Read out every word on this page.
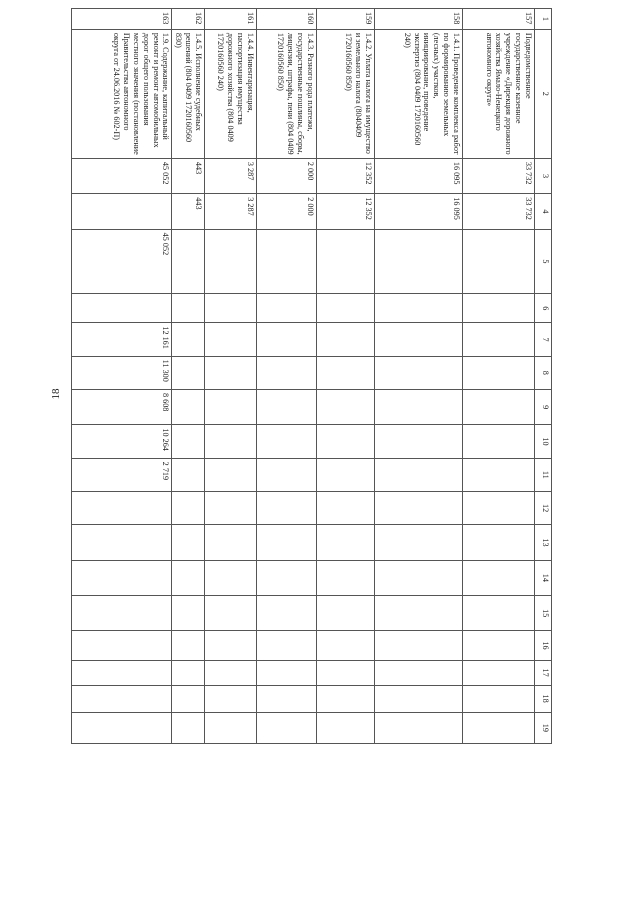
18
1	2	3	4	5	6	7	8	9	10	11	12	13	14	15	16	17	18	19
157	Подведомственное государственное казенное учреждение «Дирекция дорожного хозяйства Ямало-Ненецкого автономного округа»	33 732	33 732															
158	1.4.1. Проведение комплекса работ по формированию земельных (лесных) участков, инициирование, проведение экспертиз (804 0409 1720160560 240)	16 095	16 095															
159	1.4.2. Уплата налога на имущество и земельного налога (8040409 1720160560 850)	12 352	12 352															
160	1.4.3. Разного рода платежи, государственные пошлины, сборы, лицензии, штрафы, пени (804 0409 1720160560 850)	2 000	2 000															
161	1.4.4. Инвентаризация, паспортизация имущества дорожного хозяйства (804 0409 1720160560 240)	3 287	3 287															
162	1.4.5. Исполнение судебных решений (804 0409 1720160560 830)	443	443															
163	1.9. Содержание, капитальный ремонт и ремонт автомобильных дорог общего пользования местного значения (постановление Правительства автономного округа от 24.06.2016 № 602-П)	45 052		45 052		12 161	11 300	8 608	10 264	2 719								
